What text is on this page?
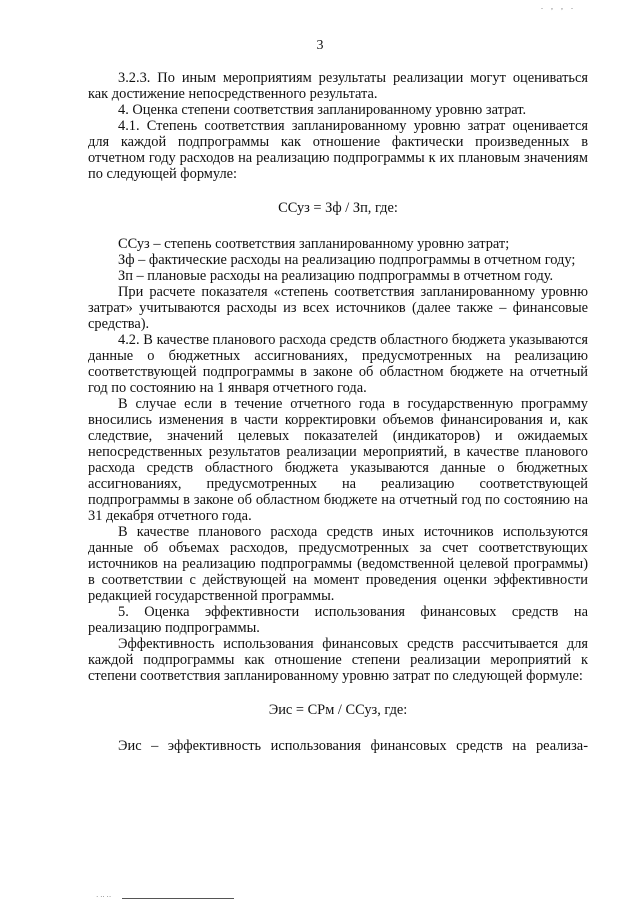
. , , .
3

3.2.3. По иным мероприятиям результаты реализации могут оцениваться как достижение непосредственного результата.

4. Оценка степени соответствия запланированному уровню затрат.

4.1. Степень соответствия запланированному уровню затрат оценивается для каждой подпрограммы как отношение фактически произведенных в отчетном году расходов на реализацию подпрограммы к их плановым значениям по следующей формуле:

ССуз = Зф / Зп, где:

ССуз – степень соответствия запланированному уровню затрат;

Зф – фактические расходы на реализацию подпрограммы в отчетном году;

Зп – плановые расходы на реализацию подпрограммы в отчетном году.

При расчете показателя «степень соответствия запланированному уровню затрат» учитываются расходы из всех источников (далее также – финансовые средства).

4.2. В качестве планового расхода средств областного бюджета указываются данные о бюджетных ассигнованиях, предусмотренных на реализацию соответствующей подпрограммы в законе об областном бюджете на отчетный год по состоянию на 1 января отчетного года.

В случае если в течение отчетного года в государственную программу вносились изменения в части корректировки объемов финансирования и, как следствие, значений целевых показателей (индикаторов) и ожидаемых непосредственных результатов реализации мероприятий, в качестве планового расхода средств областного бюджета указываются данные о бюджетных ассигнованиях, предусмотренных на реализацию соответствующей подпрограммы в законе об областном бюджете на отчетный год по состоянию на 31 декабря отчетного года.

В качестве планового расхода средств иных источников используются данные об объемах расходов, предусмотренных за счет соответствующих источников на реализацию подпрограммы (ведомственной целевой программы) в соответствии с действующей на момент проведения оценки эффективности редакцией государственной программы.

5. Оценка эффективности использования финансовых средств на реализацию подпрограммы.

Эффективность использования финансовых средств рассчитывается для каждой подпрограммы как отношение степени реализации мероприятий к степени соответствия запланированному уровню затрат по следующей формуле:

Эис = СРм / ССуз, где:

Эис – эффективность использования финансовых средств на реализа-

· ·· ··
